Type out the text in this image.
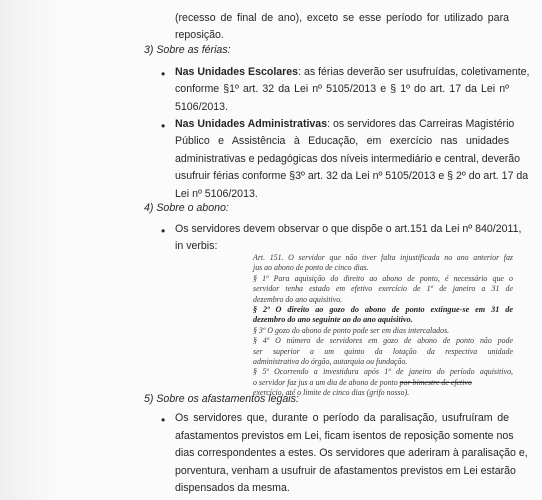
(recesso de final de ano), exceto se esse período for utilizado para
reposição.
3) Sobre as férias:
• Nas Unidades Escolares: as férias deverão ser usufruídas, coletivamente,
conforme §1º art. 32 da Lei nº 5105/2013 e § 1º do art. 17 da Lei nº
5106/2013.
• Nas Unidades Administrativas: os servidores das Carreiras Magistério
Público e Assistência à Educação, em exercício nas unidades
administrativas e pedagógicas dos níveis intermediário e central, deverão
usufruir férias conforme §3º art. 32 da Lei nº 5105/2013 e § 2º do art. 17 da
Lei nº 5106/2013.
4) Sobre o abono:
• Os servidores devem observar o que dispõe o art.151 da Lei nº 840/2011,
in verbis:
Art. 151. O servidor que não tiver falta injustificada no ano anterior faz
jus ao abono de ponto de cinco dias.
§ 1º Para aquisição do direito ao abono de ponto, é necessário que o
servidor tenha estado em efetivo exercício de 1º de janeiro a 31 de
dezembro do ano aquisitivo.
§ 2º O direito ao gozo do abono de ponto extingue-se em 31 de
dezembro do ano seguinte ao do ano aquisitivo.
§ 3º O gozo do abono de ponto pode ser em dias intercalados.
§ 4º O número de servidores em gozo de abono de ponto não pode
ser superior a um quinto da lotação da respectiva unidade
administrativa do órgão, autarquia ou fundação.
§ 5º Ocorrendo a investidura após 1º de janeiro do período aquisitivo,
o servidor faz jus a um dia de abono de ponto por bimestre de efetivo
exercício, até o limite de cinco dias (grifo nosso).
5) Sobre os afastamentos legais:
• Os servidores que, durante o período da paralisação, usufruíram de
afastamentos previstos em Lei, ficam isentos de reposição somente nos
dias correspondentes a estes. Os servidores que aderiram à paralisação e,
porventura, venham a usufruir de afastamentos previstos em Lei estarão
dispensados da mesma.
